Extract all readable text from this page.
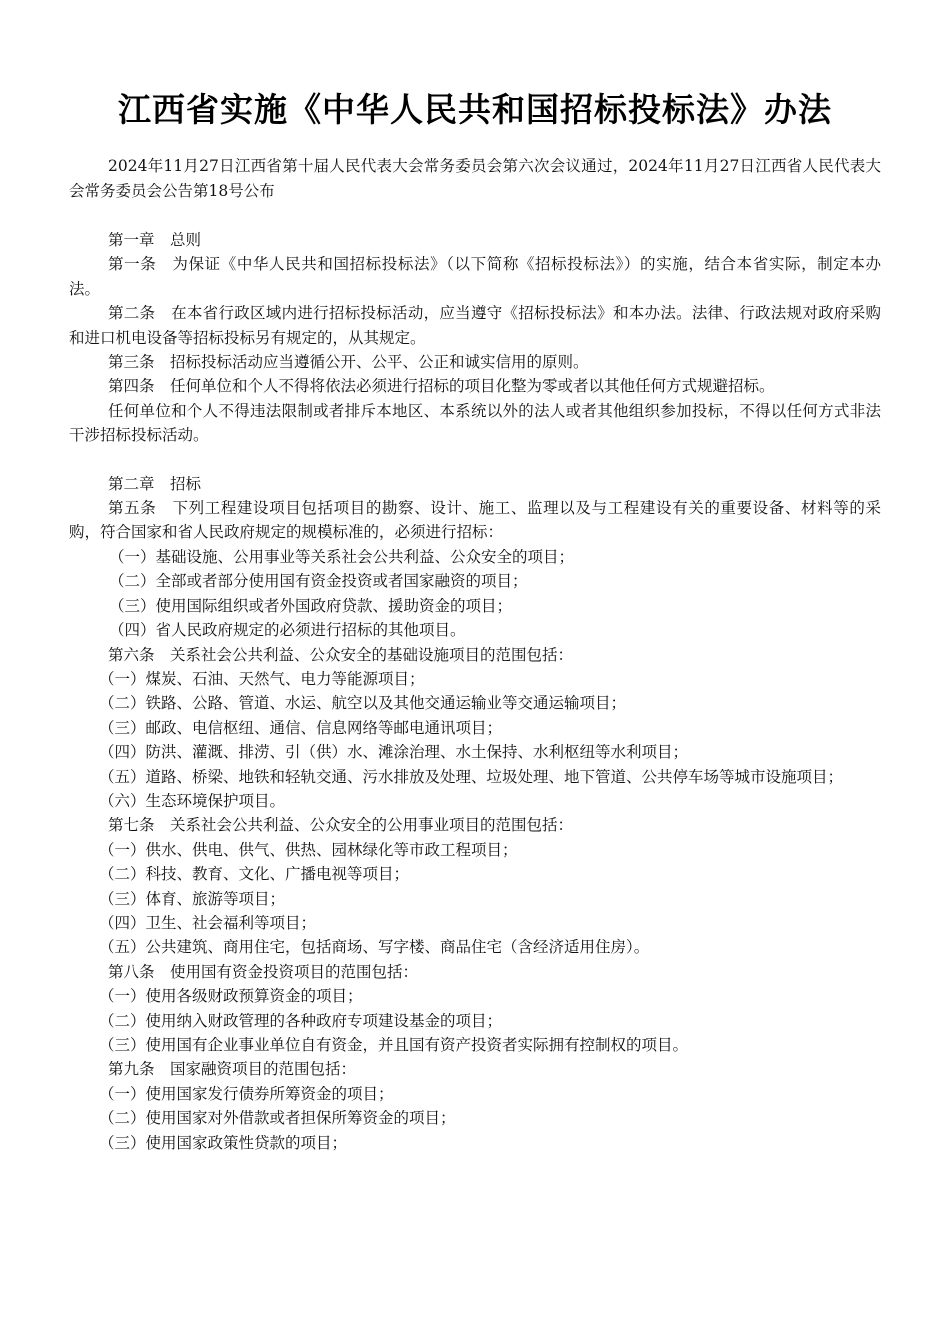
江西省实施《中华人民共和国招标投标法》办法

2024年11月27日江西省第十届人民代表大会常务委员会第六次会议通过，2024年11月27日江西省人民代表大会常务委员会公告第18号公布

第一章　总则

第一条　为保证《中华人民共和国招标投标法》（以下简称《招标投标法》）的实施，结合本省实际，制定本办法。

第二条　在本省行政区域内进行招标投标活动，应当遵守《招标投标法》和本办法。法律、行政法规对政府采购和进口机电设备等招标投标另有规定的，从其规定。

第三条　招标投标活动应当遵循公开、公平、公正和诚实信用的原则。

第四条　任何单位和个人不得将依法必须进行招标的项目化整为零或者以其他任何方式规避招标。

任何单位和个人不得违法限制或者排斥本地区、本系统以外的法人或者其他组织参加投标，不得以任何方式非法干涉招标投标活动。

第二章　招标

第五条　下列工程建设项目包括项目的勘察、设计、施工、监理以及与工程建设有关的重要设备、材料等的采购，符合国家和省人民政府规定的规模标准的，必须进行招标：

（一）基础设施、公用事业等关系社会公共利益、公众安全的项目；

（二）全部或者部分使用国有资金投资或者国家融资的项目；

（三）使用国际组织或者外国政府贷款、援助资金的项目；

（四）省人民政府规定的必须进行招标的其他项目。

第六条　关系社会公共利益、公众安全的基础设施项目的范围包括：

（一）煤炭、石油、天然气、电力等能源项目；

（二）铁路、公路、管道、水运、航空以及其他交通运输业等交通运输项目；

（三）邮政、电信枢纽、通信、信息网络等邮电通讯项目；

（四）防洪、灌溉、排涝、引（供）水、滩涂治理、水土保持、水利枢纽等水利项目；

（五）道路、桥梁、地铁和轻轨交通、污水排放及处理、垃圾处理、地下管道、公共停车场等城市设施项目；

（六）生态环境保护项目。

第七条　关系社会公共利益、公众安全的公用事业项目的范围包括：

（一）供水、供电、供气、供热、园林绿化等市政工程项目；

（二）科技、教育、文化、广播电视等项目；

（三）体育、旅游等项目；

（四）卫生、社会福利等项目；

（五）公共建筑、商用住宅，包括商场、写字楼、商品住宅（含经济适用住房）。

第八条　使用国有资金投资项目的范围包括：

（一）使用各级财政预算资金的项目；

（二）使用纳入财政管理的各种政府专项建设基金的项目；

（三）使用国有企业事业单位自有资金，并且国有资产投资者实际拥有控制权的项目。

第九条　国家融资项目的范围包括：

（一）使用国家发行债券所筹资金的项目；

（二）使用国家对外借款或者担保所筹资金的项目；

（三）使用国家政策性贷款的项目；
